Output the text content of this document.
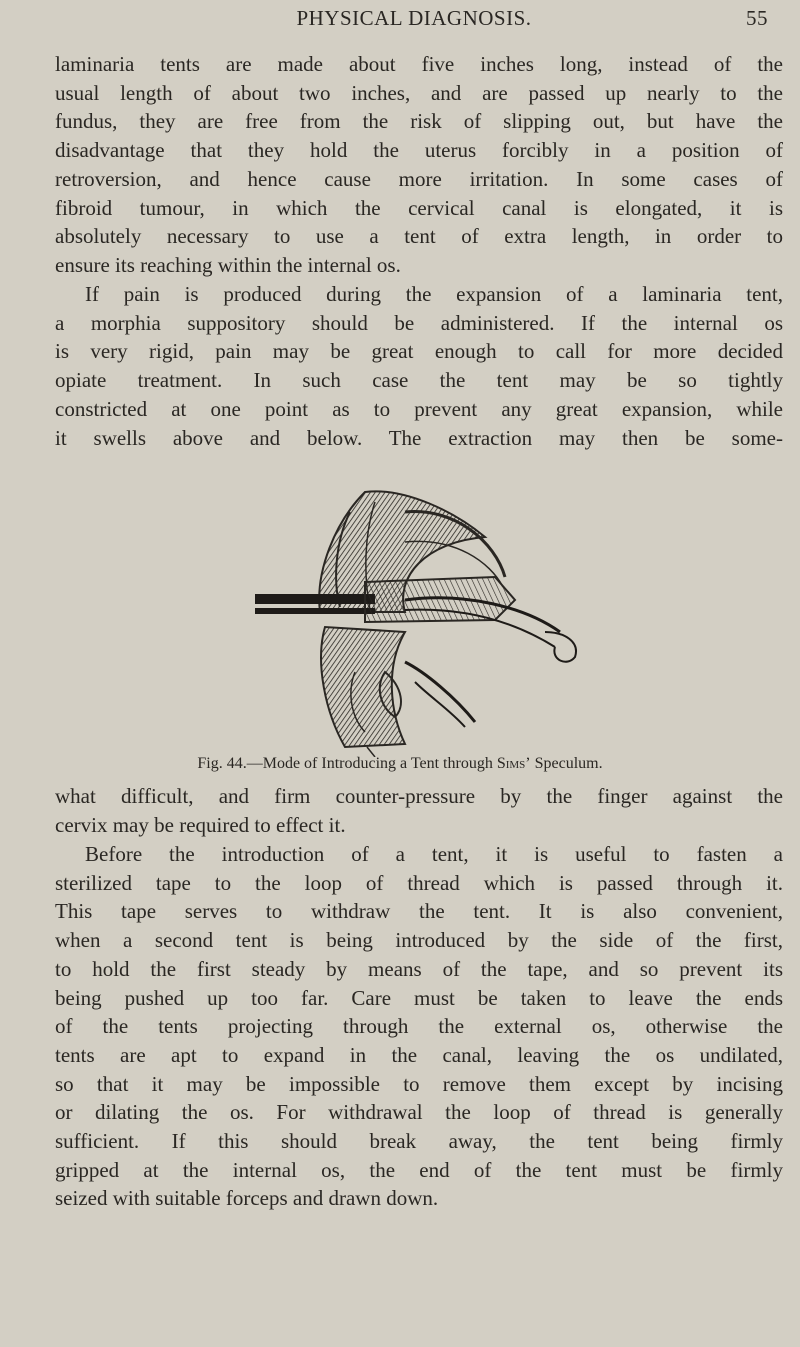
PHYSICAL DIAGNOSIS.	55

laminaria tents are made about five inches long, instead of the
usual length of about two inches, and are passed up nearly to the
fundus, they are free from the risk of slipping out, but have the
disadvantage that they hold the uterus forcibly in a position of
retroversion, and hence cause more irritation. In some cases of
fibroid tumour, in which the cervical canal is elongated, it is
absolutely necessary to use a tent of extra length, in order to
ensure its reaching within the internal os.

If pain is produced during the expansion of a laminaria tent,
a morphia suppository should be administered. If the internal os
is very rigid, pain may be great enough to call for more decided
opiate treatment. In such case the tent may be so tightly
constricted at one point as to prevent any great expansion, while
it swells above and below. The extraction may then be some-

Fig. 44.—Mode of Introducing a Tent through Sims’ Speculum.

what difficult, and firm counter-pressure by the finger against the
cervix may be required to effect it.

Before the introduction of a tent, it is useful to fasten a
sterilized tape to the loop of thread which is passed through it.
This tape serves to withdraw the tent. It is also convenient,
when a second tent is being introduced by the side of the first,
to hold the first steady by means of the tape, and so prevent its
being pushed up too far. Care must be taken to leave the ends
of the tents projecting through the external os, otherwise the
tents are apt to expand in the canal, leaving the os undilated,
so that it may be impossible to remove them except by incising
or dilating the os. For withdrawal the loop of thread is generally
sufficient. If this should break away, the tent being firmly
gripped at the internal os, the end of the tent must be firmly
seized with suitable forceps and drawn down.
